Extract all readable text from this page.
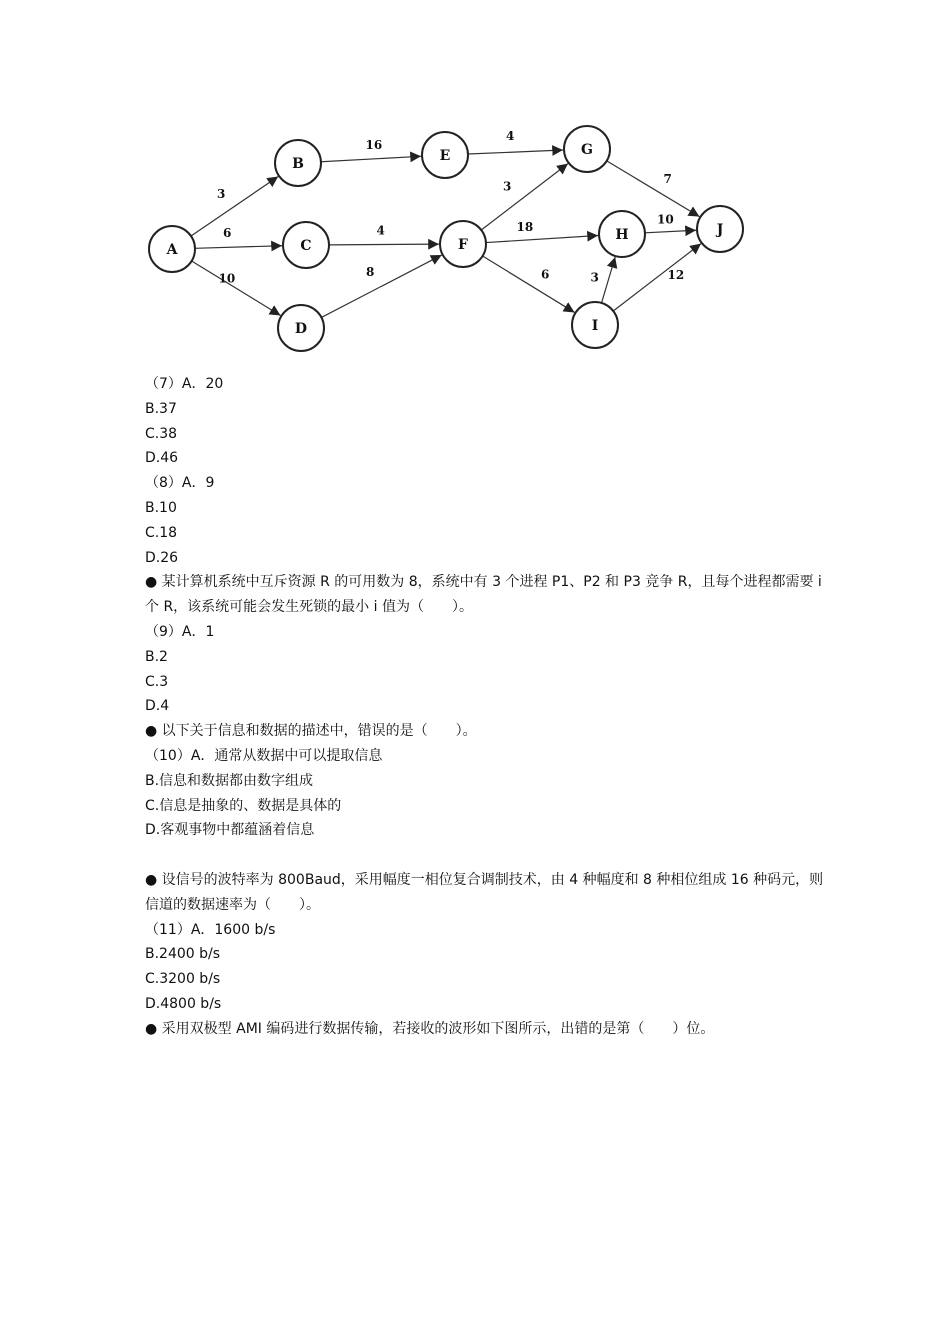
3
6
10
16
4
8
4
3
18
6	3
7
10
12
A
B
C
D
E
F
G
H
I
J
（7）A．20
B.37
C.38
D.46
（8）A．9
B.10
C.18
D.26
● 某计算机系统中互斥资源 R 的可用数为 8，系统中有 3 个进程 P1、P2 和 P3 竞争 R，且每个进程都需要 i 个 R，该系统可能会发生死锁的最小 i 值为（　　）。
（9）A．1
B.2
C.3
D.4
● 以下关于信息和数据的描述中，错误的是（　　）。
（10）A．通常从数据中可以提取信息
B.信息和数据都由数字组成
C.信息是抽象的、数据是具体的
D.客观事物中都蕴涵着信息
● 设信号的波特率为 800Baud，采用幅度一相位复合调制技术，由 4 种幅度和 8 种相位组成 16 种码元，则信道的数据速率为（　　）。
（11）A．1600 b/s
B.2400 b/s
C.3200 b/s
D.4800 b/s
● 采用双极型 AMI 编码进行数据传输，若接收的波形如下图所示，出错的是第（　　）位。
